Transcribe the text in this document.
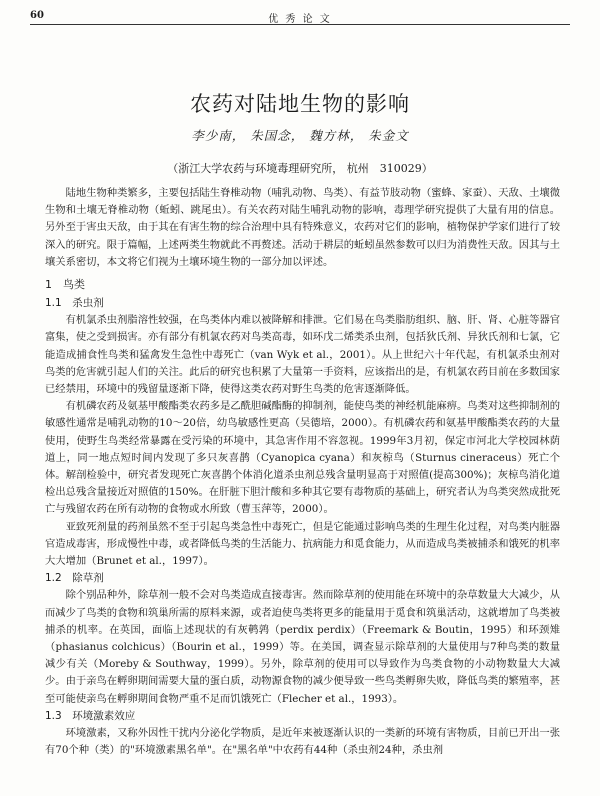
60	优 秀 论 文
农药对陆地生物的影响
李少南， 朱国念， 魏方林， 朱金文
（浙江大学农药与环境毒理研究所， 杭州　310029）

陆地生物种类繁多，主要包括陆生脊椎动物（哺乳动物、鸟类）、有益节肢动物（蜜蜂、家蚕）、天敌、土壤微生物和土壤无脊椎动物（蚯蚓、跳尾虫）。有关农药对陆生哺乳动物的影响，毒理学研究提供了大量有用的信息。另外至于害虫天敌，由于其在有害生物的综合治理中具有特殊意义，农药对它们的影响，植物保护学家们进行了较深入的研究。限于篇幅，上述两类生物就此不再赘述。活动于耕层的蚯蚓虽然参数可以归为消费性天敌。因其与土壤关系密切，本文将它们视为土壤环境生物的一部分加以评述。

1　鸟类
1.1　杀虫剂

有机氯杀虫剂脂溶性较强，在鸟类体内难以被降解和排泄。它们易在鸟类脂肪组织、脑、肝、肾、心脏等器官富集，使之受到损害。亦有部分有机氯农药对鸟类高毒，如环戊二烯类杀虫剂，包括狄氏剂、异狄氏剂和七氯，它能造成捕食性鸟类和猛禽发生急性中毒死亡（van Wyk et al.，2001）。从上世纪六十年代起，有机氯杀虫剂对鸟类的危害就引起人们的关注。此后的研究也积累了大量第一手资料，应该指出的是，有机氯农药目前在多数国家已经禁用，环境中的残留量逐渐下降，使得这类农药对野生鸟类的危害逐渐降低。

有机磷农药及氨基甲酸酯类农药多是乙酰胆碱酯酶的抑制剂，能使鸟类的神经机能麻痹。鸟类对这些抑制剂的敏感性通常是哺乳动物的10～20倍，幼鸟敏感性更高（吴德培，2000）。有机磷农药和氨基甲酸酯类农药的大量使用，使野生鸟类经常暴露在受污染的环境中，其急害作用不容忽视。1999年3月初，保定市河北大学校园林荫道上，同一地点短时间内发现了多只灰喜鹊（Cyanopica cyana）和灰椋鸟（Sturnus cineraceus）死亡个体。解剖检验中，研究者发现死亡灰喜鹊个体消化道杀虫剂总残含量明显高于对照值(提高300%)；灰椋鸟消化道检出总残含量接近对照值的150%。在肝脏下胆汁酸和多种其它要有毒物质的基础上，研究者认为鸟类突然成批死亡与残留农药在所有动物的食物或水所致（曹玉萍等，2000）。

亚致死剂量的药剂虽然不至于引起鸟类急性中毒死亡，但是它能通过影响鸟类的生理生化过程，对鸟类内脏器官造成毒害，形成慢性中毒，或者降低鸟类的生活能力、抗病能力和觅食能力，从而造成鸟类被捕杀和饿死的机率大大增加（Brunet et al.，1997）。

1.2　除草剂

除个别品种外，除草剂一般不会对鸟类造成直接毒害。然而除草剂的使用能在环境中的杂草数量大大减少，从而减少了鸟类的食物和筑巢所需的原料来源，或者迫使鸟类将更多的能量用于觅食和筑巢活动，这就增加了鸟类被捕杀的机率。在英国，面临上述现状的有灰鹌鹑（perdix perdix）（Freemark & Boutin，1995）和环颈雉（phasianus colchicus）（Bourin et al.，1999）等。在美国，调查显示除草剂的大量使用与7种鸟类的数量减少有关（Moreby & Southway，1999）。另外，除草剂的使用可以导致作为鸟类食物的小动物数量大大减少。由于亲鸟在孵卵期间需要大量的蛋白质，动物源食物的减少便导致一些鸟类孵卵失败，降低鸟类的繁殖率，甚至可能使亲鸟在孵卵期间食物严重不足而饥饿死亡（Flecher et al.，1993）。

1.3　环境激素效应

环境激素，又称外因性干扰内分泌化学物质，是近年来被逐渐认识的一类新的环境有害物质，目前已开出一张有70个种（类）的"环境激素黑名单"。在"黑名单"中农药有44种（杀虫剂24种，杀虫剂
